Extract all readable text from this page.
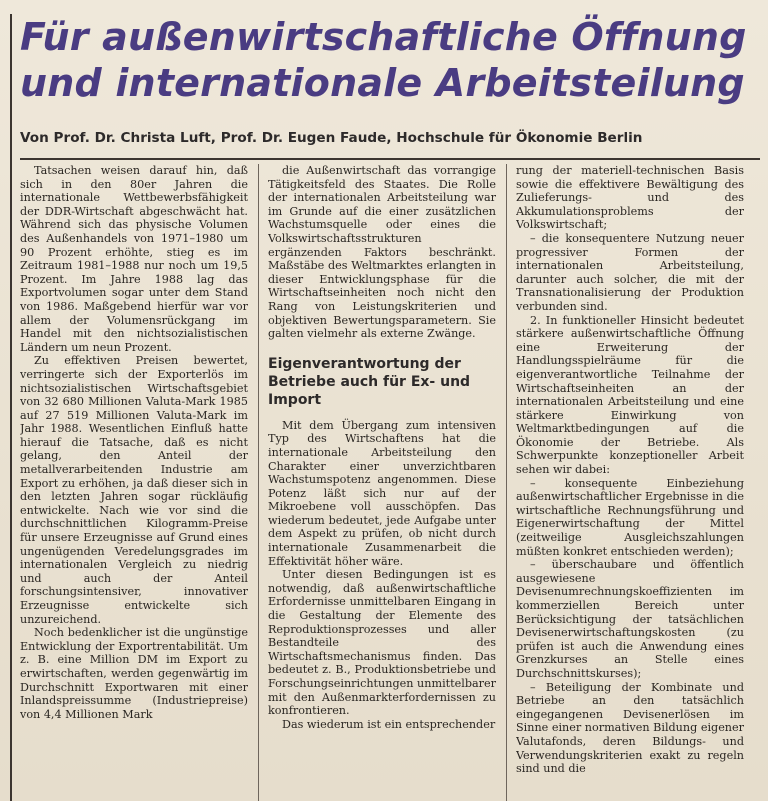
Für außenwirtschaftliche Öffnung und internationale Arbeitsteilung
Von Prof. Dr. Christa Luft, Prof. Dr. Eugen Faude, Hochschule für Ökonomie Berlin

Tatsachen weisen darauf hin, daß sich in den 80er Jahren die internationale Wettbewerbsfähigkeit der DDR-Wirtschaft abgeschwächt hat. Während sich das physische Volumen des Außenhandels von 1971–1980 um 90 Prozent erhöhte, stieg es im Zeitraum 1981–1988 nur noch um 19,5 Prozent. Im Jahre 1988 lag das Exportvolumen sogar unter dem Stand von 1986. Maßgebend hierfür war vor allem der Volumensrückgang im Handel mit den nichtsozialistischen Ländern um neun Prozent.

Zu effektiven Preisen bewertet, verringerte sich der Exporterlös im nichtsozialistischen Wirtschaftsgebiet von 32 680 Millionen Valuta-Mark 1985 auf 27 519 Millionen Valuta-Mark im Jahr 1988. Wesentlichen Einfluß hatte hierauf die Tatsache, daß es nicht gelang, den Anteil der metallverarbeitenden Industrie am Export zu erhöhen, ja daß dieser sich in den letzten Jahren sogar rückläufig entwickelte. Nach wie vor sind die durchschnittlichen Kilogramm-Preise für unsere Erzeugnisse auf Grund eines ungenügenden Veredelungsgrades im internationalen Vergleich zu niedrig und auch der Anteil forschungsintensiver, innovativer Erzeugnisse entwickelte sich unzureichend.

Noch bedenklicher ist die ungünstige Entwicklung der Exportrentabilität. Um z. B. eine Million DM im Export zu erwirtschaften, werden gegenwärtig im Durchschnitt Exportwaren mit einer Inlandspreissumme (Industriepreise) von 4,4 Millionen Mark

die Außenwirtschaft das vorrangige Tätigkeitsfeld des Staates. Die Rolle der internationalen Arbeitsteilung war im Grunde auf die einer zusätzlichen Wachstumsquelle oder eines die Volkswirtschaftsstrukturen ergänzenden Faktors beschränkt. Maßstäbe des Weltmarktes erlangten in dieser Entwicklungsphase für die Wirtschaftseinheiten noch nicht den Rang von Leistungskriterien und objektiven Bewertungsparametern. Sie galten vielmehr als externe Zwänge.

Eigenverantwortung der Betriebe auch für Ex- und Import

Mit dem Übergang zum intensiven Typ des Wirtschaftens hat die internationale Arbeitsteilung den Charakter einer unverzichtbaren Wachstumspotenz angenommen. Diese Potenz läßt sich nur auf der Mikroebene voll ausschöpfen. Das wiederum bedeutet, jede Aufgabe unter dem Aspekt zu prüfen, ob nicht durch internationale Zusammenarbeit die Effektivität höher wäre.

Unter diesen Bedingungen ist es notwendig, daß außenwirtschaftliche Erfordernisse unmittelbaren Eingang in die Gestaltung der Elemente des Reproduktionsprozesses und aller Bestandteile des Wirtschaftsmechanismus finden. Das bedeutet z. B., Produktionsbetriebe und Forschungseinrichtungen unmittelbarer mit den Außenmarkterfordernissen zu konfrontieren.

Das wiederum ist ein entsprechender

rung der materiell-technischen Basis sowie die effektivere Bewältigung des Zulieferungs- und des Akkumulationsproblems der Volkswirtschaft;

– die konsequentere Nutzung neuer progressiver Formen der internationalen Arbeitsteilung, darunter auch solcher, die mit der Transnationalisierung der Produktion verbunden sind.

2. In funktioneller Hinsicht bedeutet stärkere außenwirtschaftliche Öffnung eine Erweiterung der Handlungsspielräume für die eigenverantwortliche Teilnahme der Wirtschaftseinheiten an der internationalen Arbeitsteilung und eine stärkere Einwirkung von Weltmarktbedingungen auf die Ökonomie der Betriebe. Als Schwerpunkte konzeptioneller Arbeit sehen wir dabei:

– konsequente Einbeziehung außenwirtschaftlicher Ergebnisse in die wirtschaftliche Rechnungsführung und Eigenerwirtschaftung der Mittel (zeitweilige Ausgleichszahlungen müßten konkret entschieden werden);

– überschaubare und öffentlich ausgewiesene Devisenumrechnungskoeffizienten im kommerziellen Bereich unter Berücksichtigung der tatsächlichen Devisenerwirtschaftungskosten (zu prüfen ist auch die Anwendung eines Grenzkurses an Stelle eines Durchschnittskurses);

– Beteiligung der Kombinate und Betriebe an den tatsächlich eingegangenen Devisenerlösen im Sinne einer normativen Bildung eigener Valutafonds, deren Bildungs- und Verwendungskriterien exakt zu regeln sind und die
